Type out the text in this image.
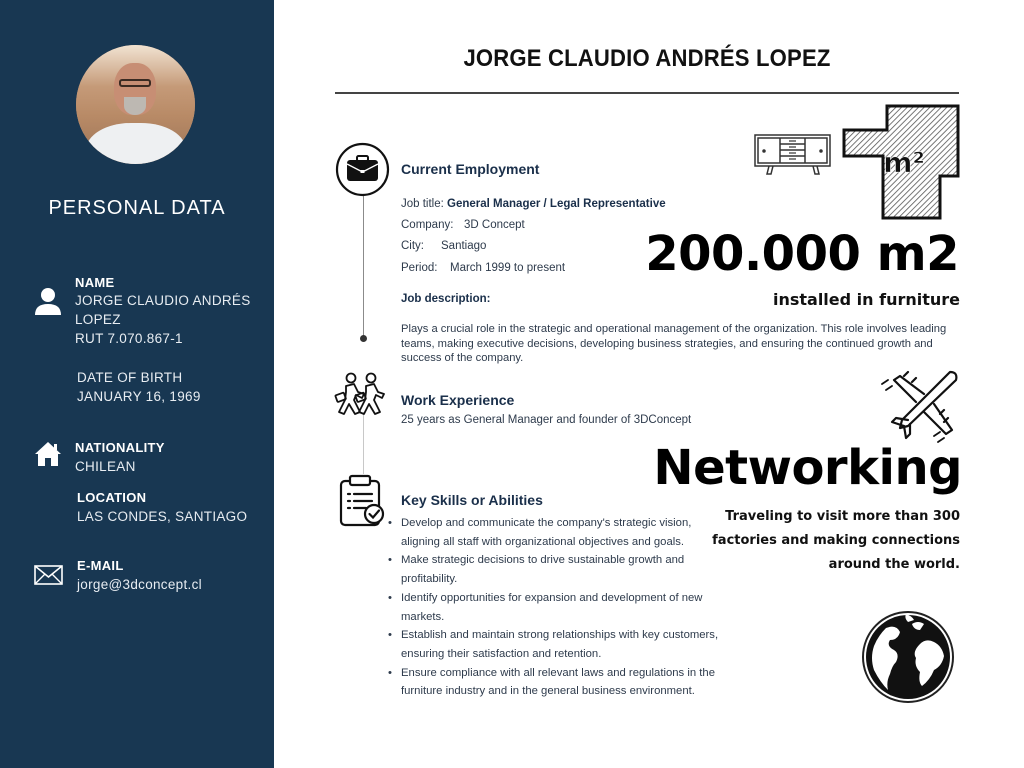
PERSONAL DATA
NAME
JORGE CLAUDIO ANDRÉS
LOPEZ
RUT 7.070.867-1
DATE OF BIRTH
JANUARY 16, 1969
NATIONALITY
CHILEAN
LOCATION
LAS CONDES, SANTIAGO
E-MAIL
jorge@3dconcept.cl
JORGE CLAUDIO ANDRÉS LOPEZ
Current Employment
Job title: General Manager / Legal Representative
Company: 3D Concept
City: Santiago
Period: March 1999 to present
Job description:
Plays a crucial role in the strategic and operational management of the organization. This role involves leading teams, making executive decisions, developing business strategies, and ensuring the continued growth and success of the company.
Work Experience
25 years as General Manager and founder of 3DConcept
Key Skills or Abilities
• Develop and communicate the company's strategic vision, aligning all staff with organizational objectives and goals.
• Make strategic decisions to drive sustainable growth and profitability.
• Identify opportunities for expansion and development of new markets.
• Establish and maintain strong relationships with key customers, ensuring their satisfaction and retention.
• Ensure compliance with all relevant laws and regulations in the furniture industry and in the general business environment.
m²
200.000 m2
installed in furniture
Networking
Traveling to visit more than 300 factories and making connections around the world.
